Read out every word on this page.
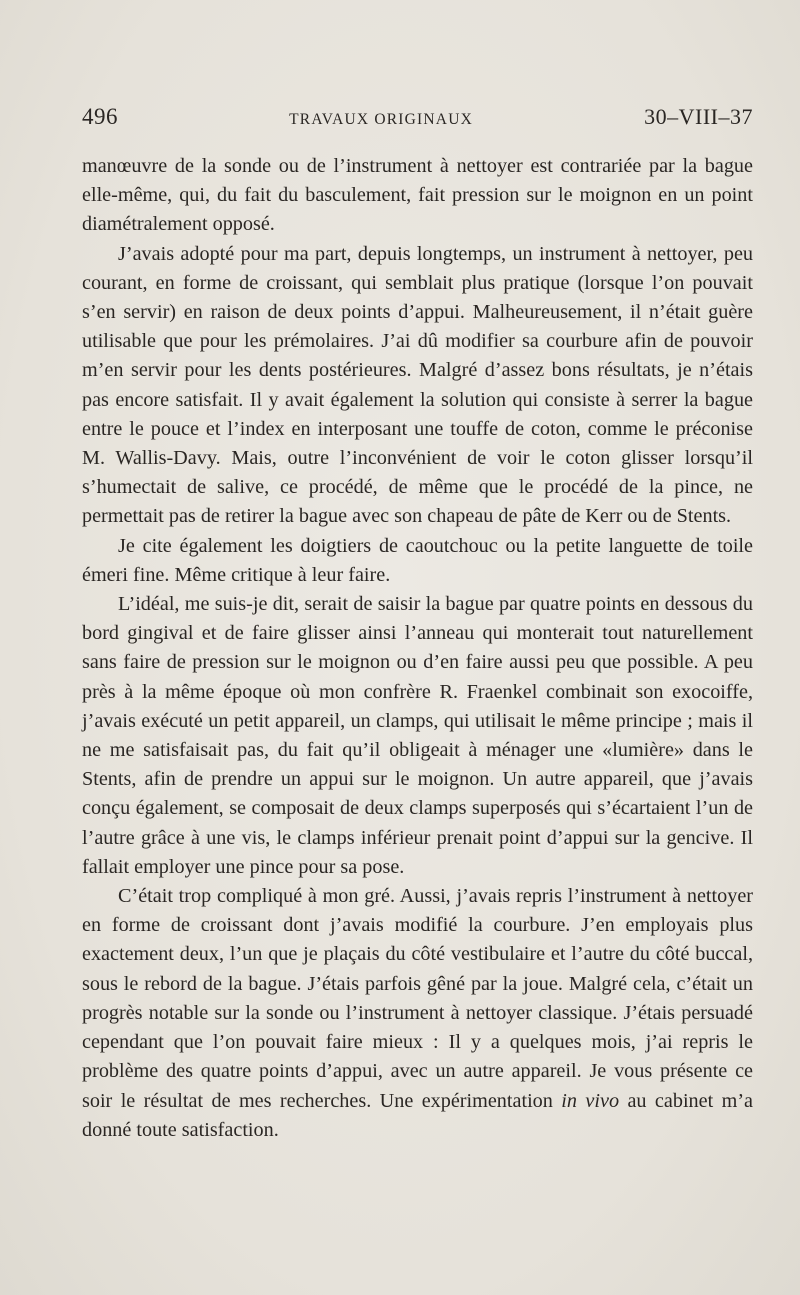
496	TRAVAUX ORIGINAUX	30–VIII–37

manœuvre de la sonde ou de l’instrument à nettoyer est contrariée par la bague elle-même, qui, du fait du basculement, fait pression sur le moignon en un point diamétralement opposé.

J’avais adopté pour ma part, depuis longtemps, un instrument à nettoyer, peu courant, en forme de croissant, qui semblait plus pratique (lorsque l’on pouvait s’en servir) en raison de deux points d’appui. Malheureusement, il n’était guère utilisable que pour les prémolaires. J’ai dû modifier sa courbure afin de pouvoir m’en servir pour les dents postérieures. Malgré d’assez bons résultats, je n’étais pas encore satisfait. Il y avait également la solution qui consiste à serrer la bague entre le pouce et l’index en interposant une touffe de coton, comme le préconise M. Wallis-Davy. Mais, outre l’inconvénient de voir le coton glisser lorsqu’il s’humectait de salive, ce procédé, de même que le procédé de la pince, ne permettait pas de retirer la bague avec son chapeau de pâte de Kerr ou de Stents.

Je cite également les doigtiers de caoutchouc ou la petite languette de toile émeri fine. Même critique à leur faire.

L’idéal, me suis-je dit, serait de saisir la bague par quatre points en dessous du bord gingival et de faire glisser ainsi l’anneau qui monterait tout naturellement sans faire de pression sur le moignon ou d’en faire aussi peu que possible. A peu près à la même époque où mon confrère R. Fraenkel combinait son exocoiffe, j’avais exécuté un petit appareil, un clamps, qui utilisait le même principe ; mais il ne me satisfaisait pas, du fait qu’il obligeait à ménager une «lumière» dans le Stents, afin de prendre un appui sur le moignon. Un autre appareil, que j’avais conçu également, se composait de deux clamps superposés qui s’écartaient l’un de l’autre grâce à une vis, le clamps inférieur prenait point d’appui sur la gencive. Il fallait employer une pince pour sa pose.

C’était trop compliqué à mon gré. Aussi, j’avais repris l’instrument à nettoyer en forme de croissant dont j’avais modifié la courbure. J’en employais plus exactement deux, l’un que je plaçais du côté vestibulaire et l’autre du côté buccal, sous le rebord de la bague. J’étais parfois gêné par la joue. Malgré cela, c’était un progrès notable sur la sonde ou l’instrument à nettoyer classique. J’étais persuadé cependant que l’on pouvait faire mieux : Il y a quelques mois, j’ai repris le problème des quatre points d’appui, avec un autre appareil. Je vous présente ce soir le résultat de mes recherches. Une expérimentation in vivo au cabinet m’a donné toute satisfaction.
